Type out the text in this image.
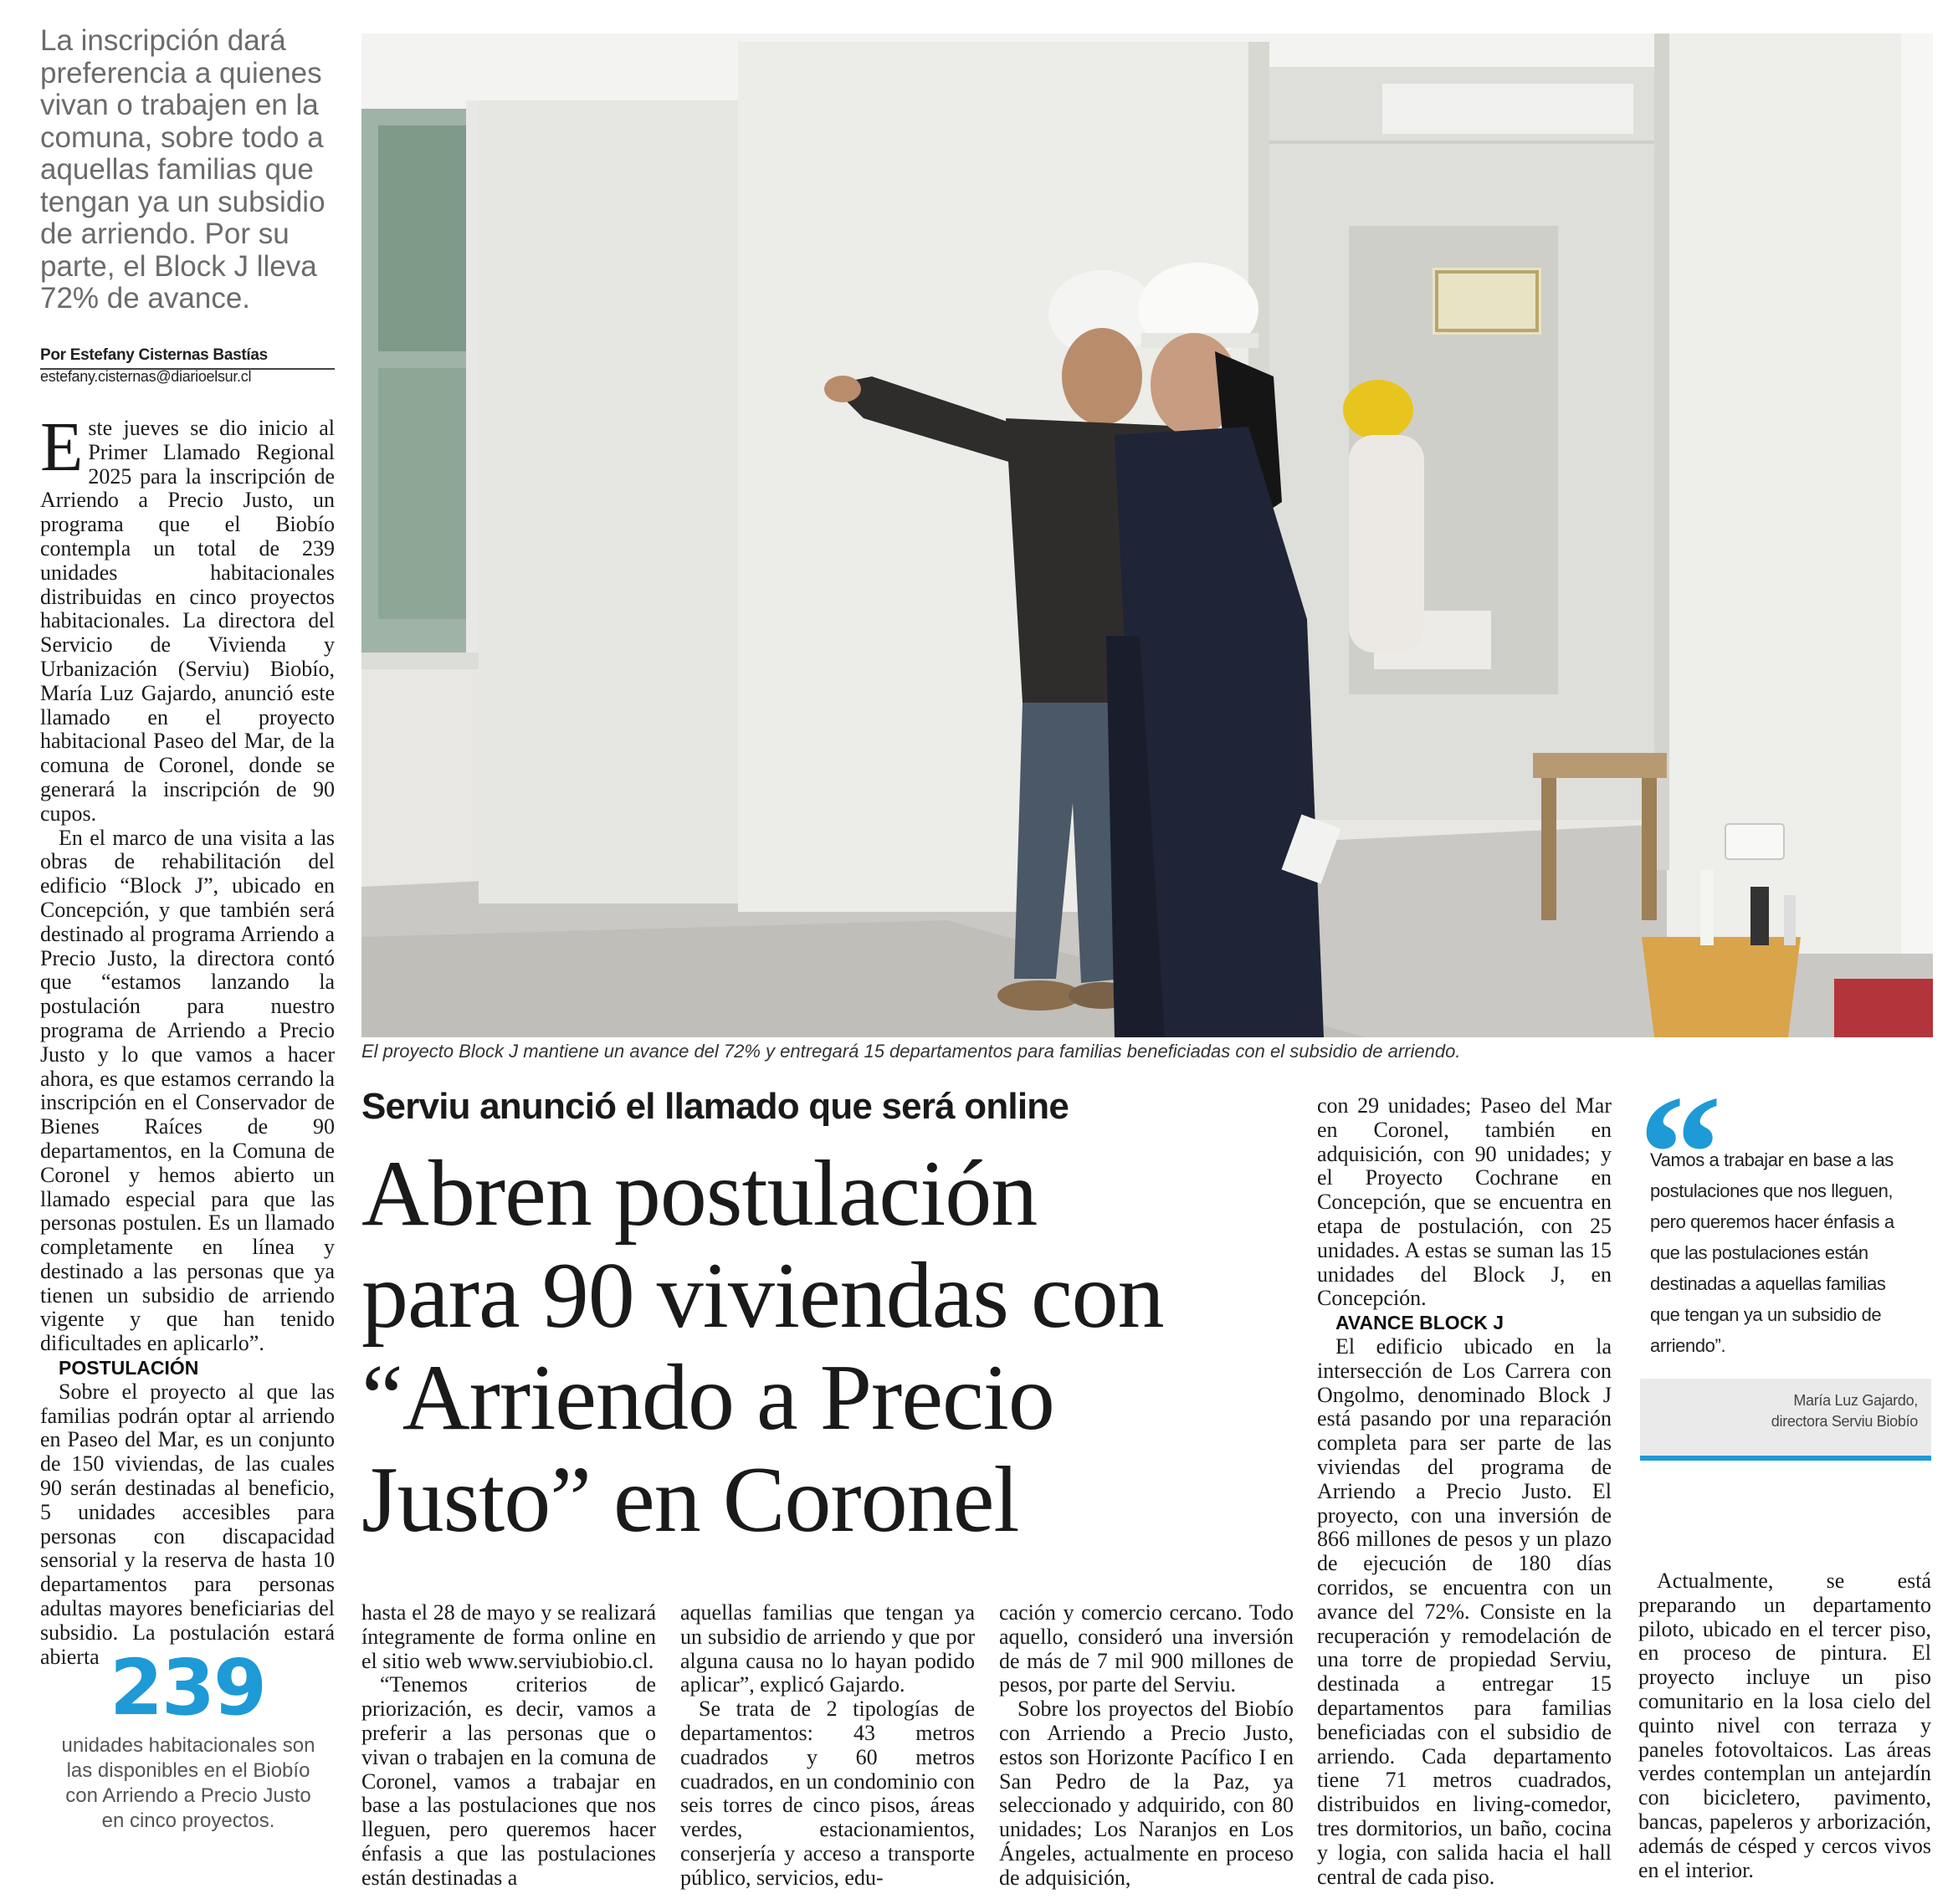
La inscripción dará preferencia a quienes vivan o trabajen en la comuna, sobre todo a aquellas familias que tengan ya un subsidio de arriendo. Por su parte, el Block J lleva 72% de avance.
Por Estefany Cisternas Bastías
estefany.cisternas@diarioelsur.cl

Este jueves se dio inicio al Primer Llamado Regional 2025 para la inscripción de Arriendo a Precio Justo, un programa que el Biobío contempla un total de 239 unidades habitacionales distribuidas en cinco proyectos habitacionales. La directora del Servicio de Vivienda y Urbanización (Serviu) Biobío, María Luz Gajardo, anunció este llamado en el proyecto habitacional Paseo del Mar, de la comuna de Coronel, donde se generará la inscripción de 90 cupos.

En el marco de una visita a las obras de rehabilitación del edificio “Block J”, ubicado en Concepción, y que también será destinado al programa Arriendo a Precio Justo, la directora contó que “estamos lanzando la postulación para nuestro programa de Arriendo a Precio Justo y lo que vamos a hacer ahora, es que estamos cerrando la inscripción en el Conservador de Bienes Raíces de 90 departamentos, en la Comuna de Coronel y hemos abierto un llamado especial para que las personas postulen. Es un llamado completamente en línea y destinado a las personas que ya tienen un subsidio de arriendo vigente y que han tenido dificultades en aplicarlo”.

POSTULACIÓN

Sobre el proyecto al que las familias podrán optar al arriendo en Paseo del Mar, es un conjunto de 150 viviendas, de las cuales 90 serán destinadas al beneficio, 5 unidades accesibles para personas con discapacidad sensorial y la reserva de hasta 10 departamentos para personas adultas mayores beneficiarias del subsidio. La postulación estará abierta 239
unidades habitacionales son las disponibles en el Biobío con Arriendo a Precio Justo en cinco proyectos.
El proyecto Block J mantiene un avance del 72% y entregará 15 departamentos para familias beneficiadas con el subsidio de arriendo.
Serviu anunció el llamado que será online
Abren postulación
para 90 viviendas con
“Arriendo a Precio
Justo” en Coronel

hasta el 28 de mayo y se realizará íntegramente de forma online en el sitio web www.serviubiobio.cl.

“Tenemos criterios de priorización, es decir, vamos a preferir a las personas que o vivan o trabajen en la comuna de Coronel, vamos a trabajar en base a las postulaciones que nos lleguen, pero queremos hacer énfasis a que las postulaciones están destinadas a

aquellas familias que tengan ya un subsidio de arriendo y que por alguna causa no lo hayan podido aplicar”, explicó Gajardo.

Se trata de 2 tipologías de departamentos: 43 metros cuadrados y 60 metros cuadrados, en un condominio con seis torres de cinco pisos, áreas verdes, estacionamientos, conserjería y acceso a transporte público, servicios, edu-

cación y comercio cercano. Todo aquello, consideró una inversión de más de 7 mil 900 millones de pesos, por parte del Serviu.

Sobre los proyectos del Biobío con Arriendo a Precio Justo, estos son Horizonte Pacífico I en San Pedro de la Paz, ya seleccionado y adquirido, con 80 unidades; Los Naranjos en Los Ángeles, actualmente en proceso de adquisición,

con 29 unidades; Paseo del Mar en Coronel, también en adquisición, con 90 unidades; y el Proyecto Cochrane en Concepción, que se encuentra en etapa de postulación, con 25 unidades. A estas se suman las 15 unidades del Block J, en Concepción.

AVANCE BLOCK J

El edificio ubicado en la intersección de Los Carrera con Ongolmo, denominado Block J está pasando por una reparación completa para ser parte de las viviendas del programa de Arriendo a Precio Justo. El proyecto, con una inversión de 866 millones de pesos y un plazo de ejecución de 180 días corridos, se encuentra con un avance del 72%. Consiste en la recuperación y remodelación de una torre de propiedad Serviu, destinada a entregar 15 departamentos para familias beneficiadas con el subsidio de arriendo. Cada departamento tiene 71 metros cuadrados, distribuidos en living-comedor, tres dormitorios, un baño, cocina y logia, con salida hacia el hall central de cada piso.

Actualmente, se está preparando un departamento piloto, ubicado en el tercer piso, en proceso de pintura. El proyecto incluye un piso comunitario en la losa cielo del quinto nivel con terraza y paneles fotovoltaicos. Las áreas verdes contemplan un antejardín con bicicletero, pavimento, bancas, papeleros y arborización, además de césped y cercos vivos en el interior.

“
Vamos a trabajar en base a las postulaciones que nos lleguen, pero queremos hacer énfasis a que las postulaciones están destinadas a aquellas familias que tengan ya un subsidio de arriendo”.
María Luz Gajardo,
directora Serviu Biobío
